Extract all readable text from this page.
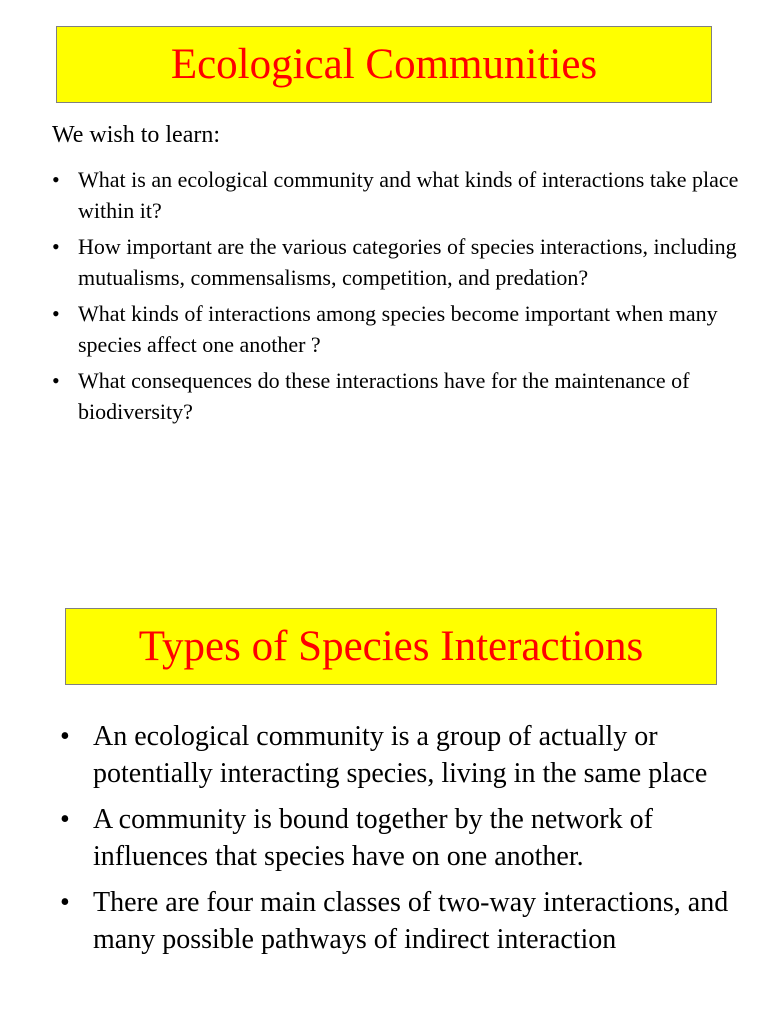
Ecological Communities

We wish to learn:

• What is an ecological community and what kinds of interactions take place within it?
• How important are the various categories of species interactions, including mutualisms, commensalisms, competition, and predation?
• What kinds of interactions among species become important when many species affect one another ?
• What consequences do these interactions have for the maintenance of biodiversity?
Types of Species Interactions
• An ecological community is a group of actually or potentially interacting species, living in the same place
• A community is bound together by the network of influences that species have on one another.
• There are four main classes of two-way interactions, and many possible pathways of indirect interaction
